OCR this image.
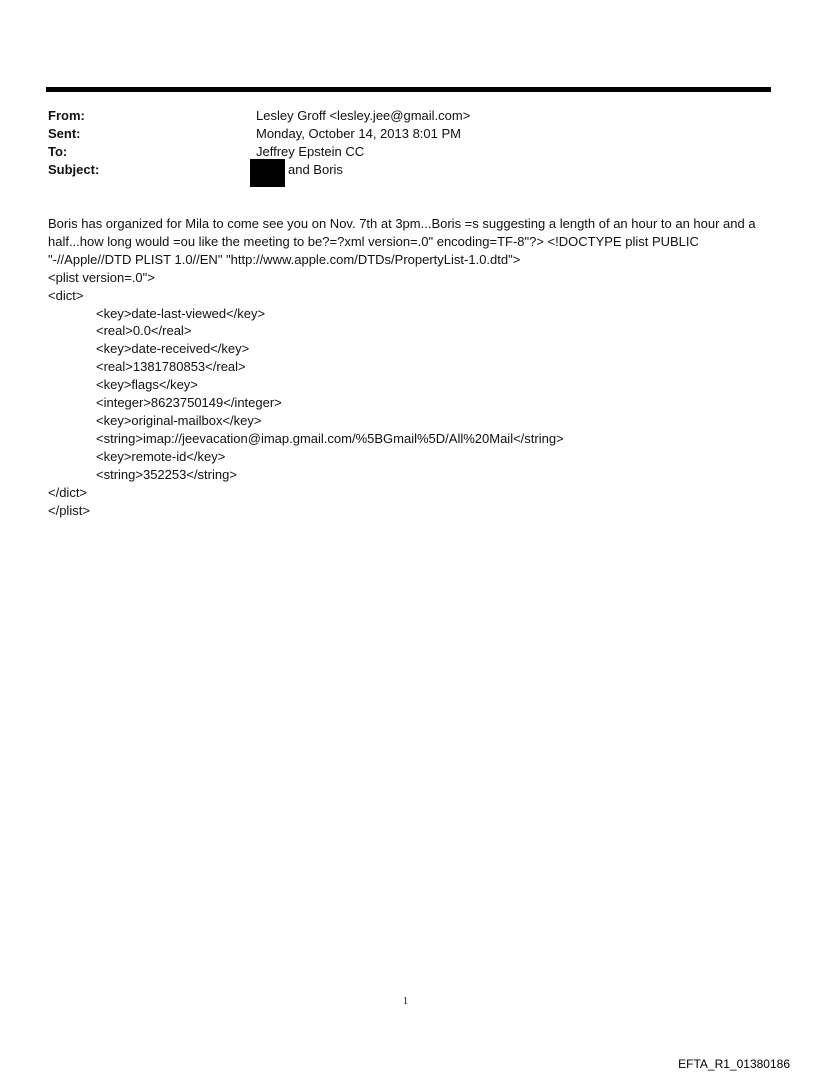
From:	Lesley Groff <lesley.jee@gmail.com>
Sent:	Monday, October 14, 2013 8:01 PM
To:	Jeffrey Epstein CC
Subject:	and Boris

Boris has organized for Mila to come see you on Nov. 7th at 3pm...Boris =s suggesting a length of an hour to an hour and a half...how long would =ou like the meeting to be?=?xml version=.0" encoding=TF-8"?> <!DOCTYPE plist PUBLIC "-//Apple//DTD PLIST 1.0//EN" "http://www.apple.com/DTDs/PropertyList-1.0.dtd">

<plist version=.0">

<dict>

<key>date-last-viewed</key>

<real>0.0</real>

<key>date-received</key>

<real>1381780853</real>

<key>flags</key>

<integer>8623750149</integer>

<key>original-mailbox</key>

<string>imap://jeevacation@imap.gmail.com/%5BGmail%5D/All%20Mail</string>

<key>remote-id</key>

<string>352253</string>

</dict>

</plist>

1
EFTA_R1_01380186
